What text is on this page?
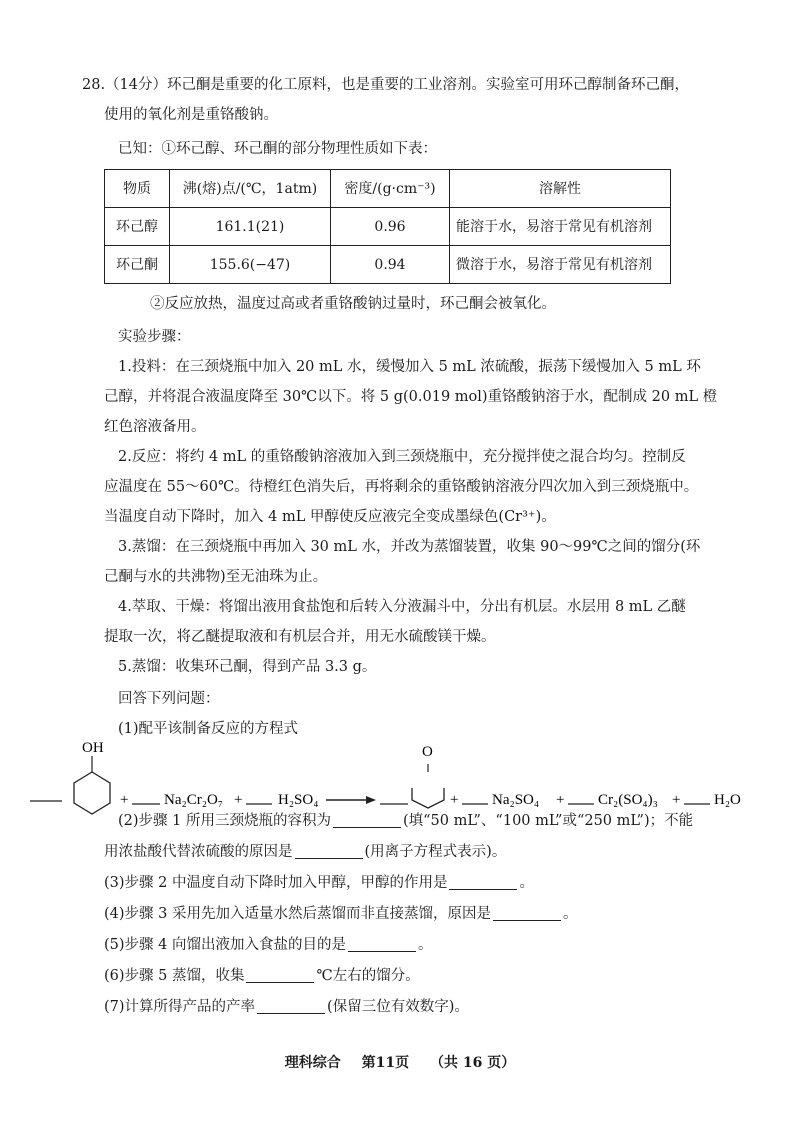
28.（14分）环己酮是重要的化工原料，也是重要的工业溶剂。实验室可用环己醇制备环己酮，

使用的氧化剂是重铬酸钠。

已知：①环己醇、环己酮的部分物理性质如下表：

物质	沸(熔)点/(℃，1atm)	密度/(g·cm⁻³)	溶解性
环己醇	161.1(21)	0.96	能溶于水，易溶于常见有机溶剂
环己酮	155.6(−47)	0.94	微溶于水，易溶于常见有机溶剂

②反应放热，温度过高或者重铬酸钠过量时，环己酮会被氧化。

实验步骤：

1.投料：在三颈烧瓶中加入 20 mL 水，缓慢加入 5 mL 浓硫酸，振荡下缓慢加入 5 mL 环

己醇，并将混合液温度降至 30℃以下。将 5 g(0.019 mol)重铬酸钠溶于水，配制成 20 mL 橙

红色溶液备用。

2.反应：将约 4 mL 的重铬酸钠溶液加入到三颈烧瓶中，充分搅拌使之混合均匀。控制反

应温度在 55～60℃。待橙红色消失后，再将剩余的重铬酸钠溶液分四次加入到三颈烧瓶中。

当温度自动下降时，加入 4 mL 甲醇使反应液完全变成墨绿色(Cr³⁺)。

3.蒸馏：在三颈烧瓶中再加入 30 mL 水，并改为蒸馏装置，收集 90～99℃之间的馏分(环

己酮与水的共沸物)至无油珠为止。

4.萃取、干燥：将馏出液用食盐饱和后转入分液漏斗中，分出有机层。水层用 8 mL 乙醚

提取一次，将乙醚提取液和有机层合并，用无水硫酸镁干燥。

5.蒸馏：收集环己酮，得到产品 3.3 g。

回答下列问题：

(1)配平该制备反应的方程式

OH
+ Na₂Cr₂O₇ + H₂SO₄
O
+ Na₂SO₄ + Cr₂(SO₄)₃ + H₂O

(2)步骤 1 所用三颈烧瓶的容积为	(填“50 mL”、“100 mL”或“250 mL”)；不能

用浓盐酸代替浓硫酸的原因是	(用离子方程式表示)。

(3)步骤 2 中温度自动下降时加入甲醇，甲醇的作用是	。

(4)步骤 3 采用先加入适量水然后蒸馏而非直接蒸馏，原因是	。

(5)步骤 4 向馏出液加入食盐的目的是	。

(6)步骤 5 蒸馏，收集	℃左右的馏分。

(7)计算所得产品的产率	(保留三位有效数字)。

理科综合 第11页 （共 16 页）
